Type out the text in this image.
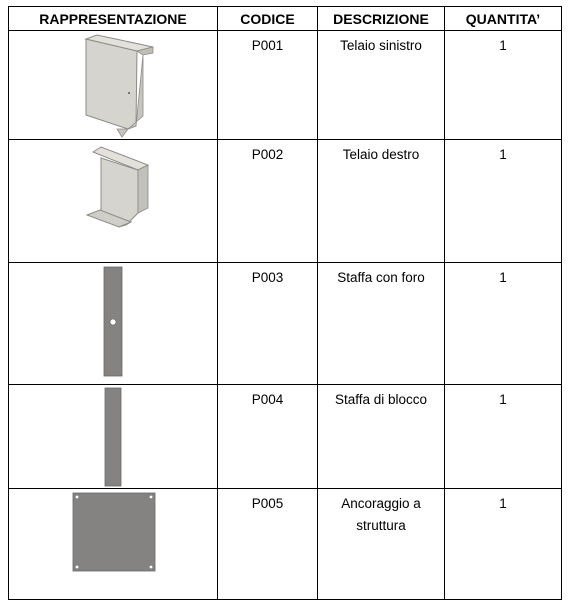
RAPPRESENTAZIONE	CODICE	DESCRIZIONE	QUANTITA’

	P001	Telaio sinistro	1

	P002	Telaio destro	1

	P003	Staffa con foro	1

	P004	Staffa di blocco	1

	P005	Ancoraggio a struttura	1
